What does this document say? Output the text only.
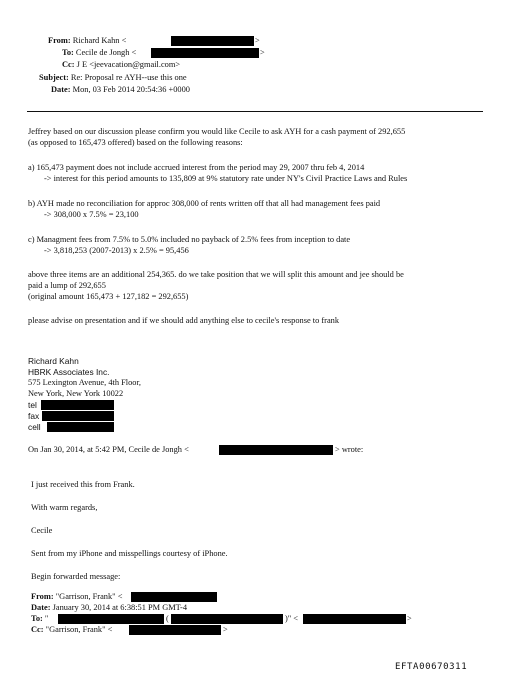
From: Richard Kahn <	>
To: Cecile de Jongh <	>
Cc: J E <jeevacation@gmail.com>
Subject: Re: Proposal re AYH--use this one
Date: Mon, 03 Feb 2014 20:54:36 +0000
Jeffrey based on our discussion please confirm you would like Cecile to ask AYH for a cash payment of 292,655
(as opposed to 165,473 offered) based on the following reasons:
a) 165,473 payment does not include accrued interest from the period may 29, 2007 thru feb 4, 2014
-> interest for this period amounts to 135,809 at 9% statutory rate under NY's Civil Practice Laws and Rules
b) AYH made no reconciliation for approc 308,000 of rents written off that all had management fees paid
-> 308,000 x 7.5% = 23,100
c) Managment fees from 7.5% to 5.0% included no payback of 2.5% fees from inception to date
-> 3,818,253 (2007-2013) x 2.5% = 95,456
above three items are an additional 254,365. do we take position that we will split this amount and jee should be
paid a lump of 292,655
(original amount 165,473 + 127,182 = 292,655)
please advise on presentation and if we should add anything else to cecile's response to frank
Richard Kahn
HBRK Associates Inc.
575 Lexington Avenue, 4th Floor,
New York, New York 10022
tel
fax
cell
On Jan 30, 2014, at 5:42 PM, Cecile de Jongh <	> wrote:
I just received this from Frank.
With warm regards,
Cecile
Sent from my iPhone and misspellings courtesy of iPhone.
Begin forwarded message:
From: "Garrison, Frank" <
Date: January 30, 2014 at 6:38:51 PM GMT-4
To: "	(	)" <	>
Cc: "Garrison, Frank" <	>
EFTA00670311
